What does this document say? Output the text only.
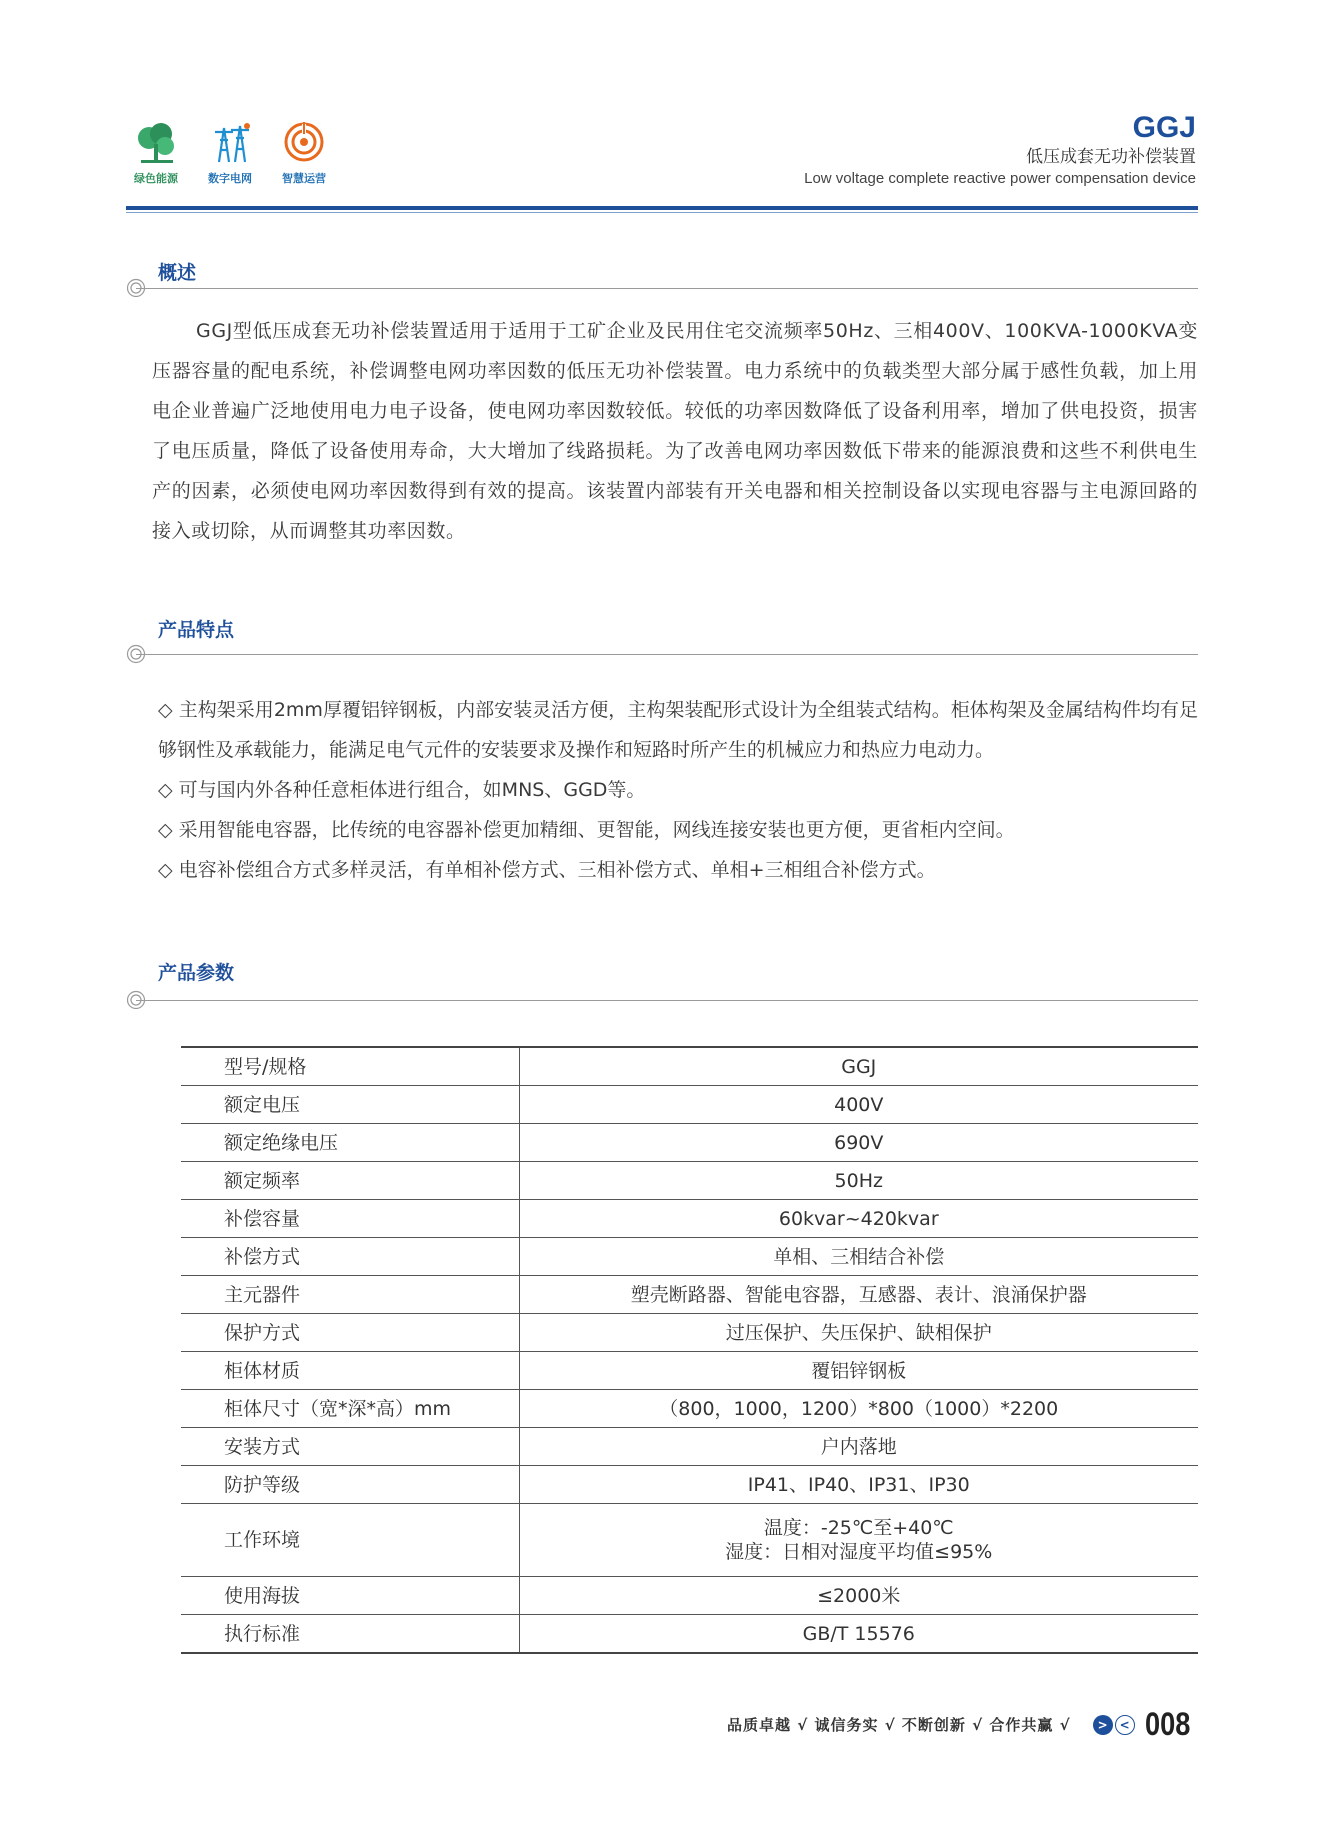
绿色能源	数字电网	智慧运营
GGJ
低压成套无功补偿装置
Low voltage complete reactive power compensation device
概述
GGJ型低压成套无功补偿装置适用于适用于工矿企业及民用住宅交流频率50Hz、三相400V、100KVA-1000KVA变压器容量的配电系统，补偿调整电网功率因数的低压无功补偿装置。电力系统中的负载类型大部分属于感性负载，加上用电企业普遍广泛地使用电力电子设备，使电网功率因数较低。较低的功率因数降低了设备利用率，增加了供电投资，损害了电压质量，降低了设备使用寿命，大大增加了线路损耗。为了改善电网功率因数低下带来的能源浪费和这些不利供电生产的因素，必须使电网功率因数得到有效的提高。该装置内部装有开关电器和相关控制设备以实现电容器与主电源回路的接入或切除，从而调整其功率因数。
产品特点
◇ 主构架采用2mm厚覆铝锌钢板，内部安装灵活方便，主构架装配形式设计为全组装式结构。柜体构架及金属结构件均有足够钢性及承载能力，能满足电气元件的安装要求及操作和短路时所产生的机械应力和热应力电动力。
◇ 可与国内外各种任意柜体进行组合，如MNS、GGD等。
◇ 采用智能电容器，比传统的电容器补偿更加精细、更智能，网线连接安装也更方便，更省柜内空间。
◇ 电容补偿组合方式多样灵活，有单相补偿方式、三相补偿方式、单相+三相组合补偿方式。
产品参数
型号/规格	GGJ
额定电压	400V
额定绝缘电压	690V
额定频率	50Hz
补偿容量	60kvar~420kvar
补偿方式	单相、三相结合补偿
主元器件	塑壳断路器、智能电容器，互感器、表计、浪涌保护器
保护方式	过压保护、失压保护、缺相保护
柜体材质	覆铝锌钢板
柜体尺寸（宽*深*高）mm	（800，1000，1200）*800（1000）*2200
安装方式	户内落地
防护等级	IP41、IP40、IP31、IP30
工作环境	温度：-25℃至+40℃
湿度：日相对湿度平均值≤95%

使用海拔	≤2000米
执行标准	GB/T 15576
品质卓越 √ 诚信务实 √ 不断创新 √ 合作共赢 √	> < 008
